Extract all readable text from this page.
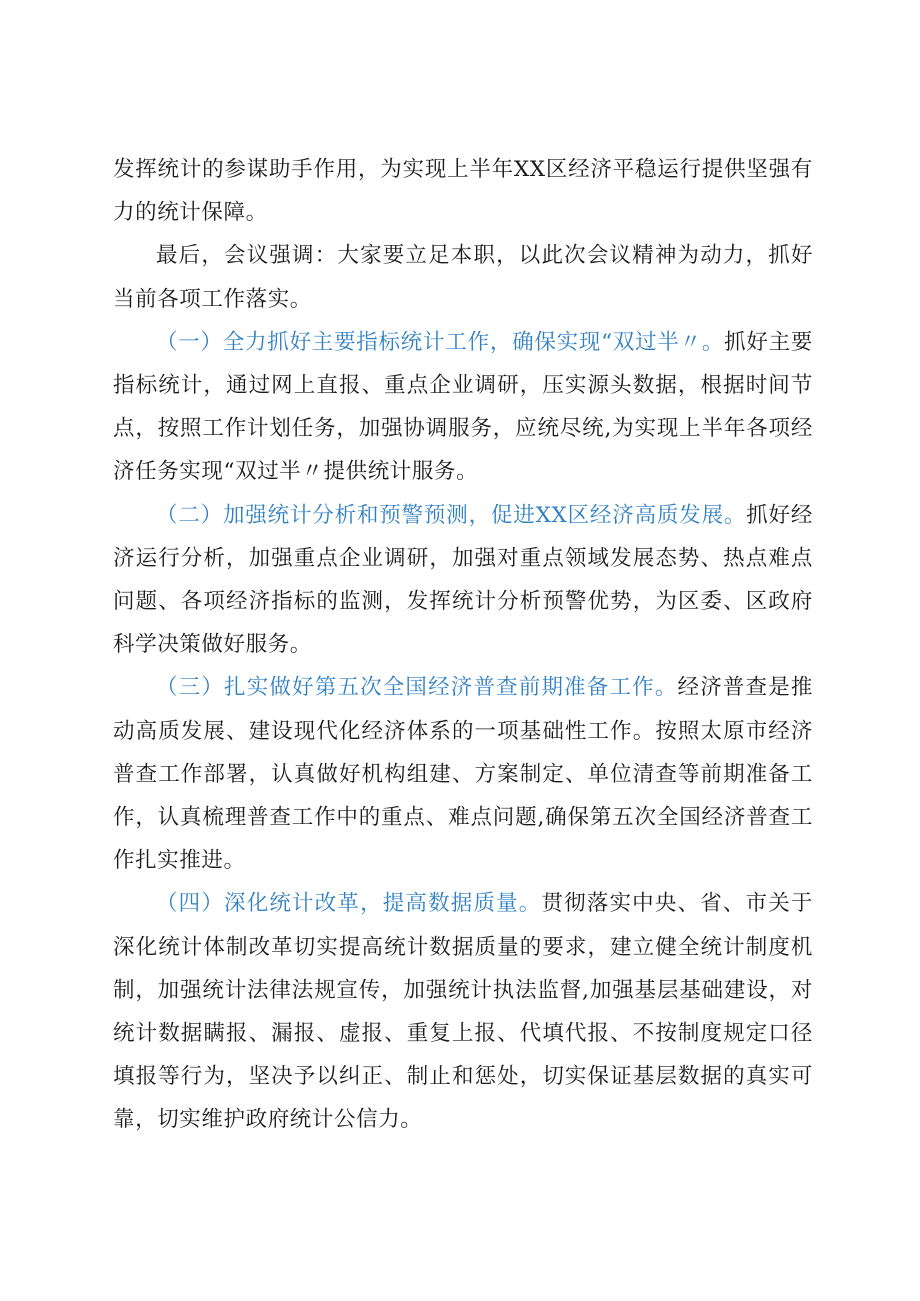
发挥统计的参谋助手作用，为实现上半年XX区经济平稳运行提供坚强有力的统计保障。

最后，会议强调：大家要立足本职，以此次会议精神为动力，抓好当前各项工作落实。

（一）全力抓好主要指标统计工作，确保实现“双过半〃。抓好主要指标统计，通过网上直报、重点企业调研，压实源头数据，根据时间节点，按照工作计划任务，加强协调服务，应统尽统,为实现上半年各项经济任务实现“双过半〃提供统计服务。

（二）加强统计分析和预警预测，促进XX区经济高质发展。抓好经济运行分析，加强重点企业调研，加强对重点领域发展态势、热点难点问题、各项经济指标的监测，发挥统计分析预警优势，为区委、区政府科学决策做好服务。

（三）扎实做好第五次全国经济普查前期准备工作。经济普查是推动高质发展、建设现代化经济体系的一项基础性工作。按照太原市经济普查工作部署，认真做好机构组建、方案制定、单位清查等前期准备工作，认真梳理普查工作中的重点、难点问题,确保第五次全国经济普查工作扎实推进。

（四）深化统计改革，提高数据质量。贯彻落实中央、省、市关于深化统计体制改革切实提高统计数据质量的要求，建立健全统计制度机制，加强统计法律法规宣传，加强统计执法监督,加强基层基础建设，对统计数据瞒报、漏报、虚报、重复上报、代填代报、不按制度规定口径填报等行为，坚决予以纠正、制止和惩处，切实保证基层数据的真实可靠，切实维护政府统计公信力。
